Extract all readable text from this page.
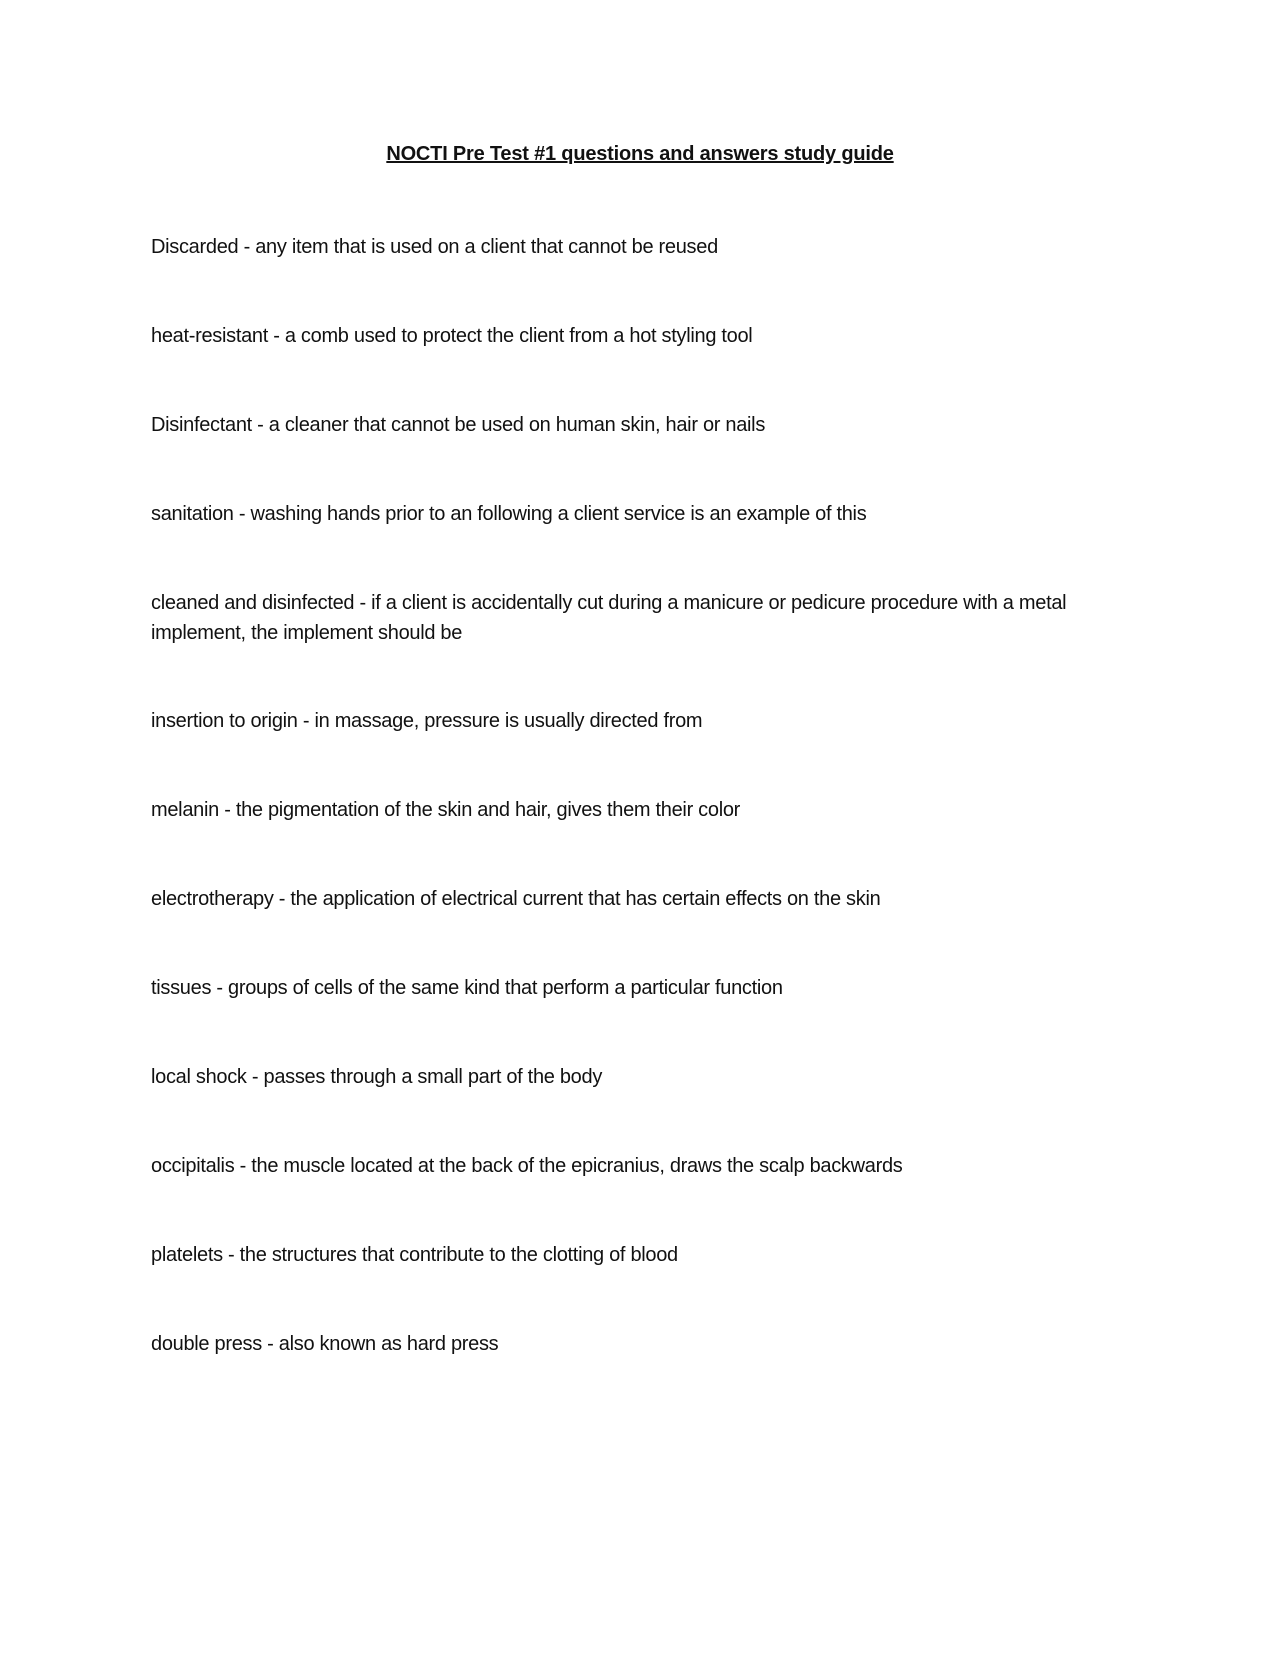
NOCTI Pre Test #1 questions and answers study guide

Discarded - any item that is used on a client that cannot be reused

heat-resistant - a comb used to protect the client from a hot styling tool

Disinfectant - a cleaner that cannot be used on human skin, hair or nails

sanitation - washing hands prior to an following a client service is an example of this

cleaned and disinfected - if a client is accidentally cut during a manicure or pedicure procedure with a metal implement, the implement should be

insertion to origin - in massage, pressure is usually directed from

melanin - the pigmentation of the skin and hair, gives them their color

electrotherapy - the application of electrical current that has certain effects on the skin

tissues - groups of cells of the same kind that perform a particular function

local shock - passes through a small part of the body

occipitalis - the muscle located at the back of the epicranius, draws the scalp backwards

platelets - the structures that contribute to the clotting of blood

double press - also known as hard press
